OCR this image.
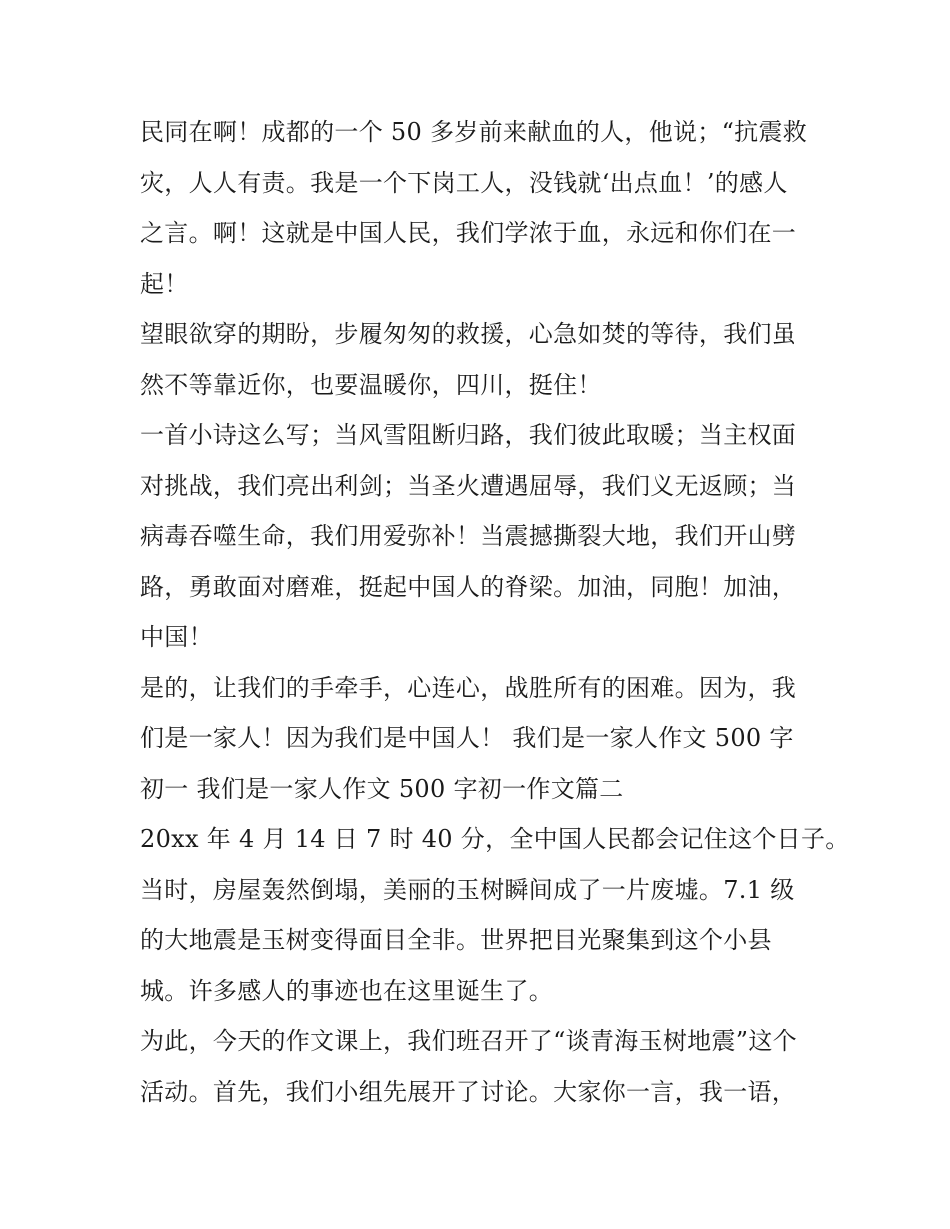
民同在啊！成都的一个 50 多岁前来献血的人，他说；“抗震救
灾，人人有责。我是一个下岗工人，没钱就‘出点血！’的感人
之言。啊！这就是中国人民，我们学浓于血，永远和你们在一
起！
望眼欲穿的期盼，步履匆匆的救援，心急如焚的等待，我们虽
然不等靠近你，也要温暖你，四川，挺住！
一首小诗这么写；当风雪阻断归路，我们彼此取暖；当主权面
对挑战，我们亮出利剑；当圣火遭遇屈辱，我们义无返顾；当
病毒吞噬生命，我们用爱弥补！当震撼撕裂大地，我们开山劈
路，勇敢面对磨难，挺起中国人的脊梁。加油，同胞！加油，
中国！
是的，让我们的手牵手，心连心，战胜所有的困难。因为，我
们是一家人！因为我们是中国人！ 我们是一家人作文 500 字
初一 我们是一家人作文 500 字初一作文篇二
20xx 年 4 月 14 日 7 时 40 分，全中国人民都会记住这个日子。
当时，房屋轰然倒塌，美丽的玉树瞬间成了一片废墟。7.1 级
的大地震是玉树变得面目全非。世界把目光聚集到这个小县
城。许多感人的事迹也在这里诞生了。
为此，今天的作文课上，我们班召开了“谈青海玉树地震”这个
活动。首先，我们小组先展开了讨论。大家你一言，我一语，
